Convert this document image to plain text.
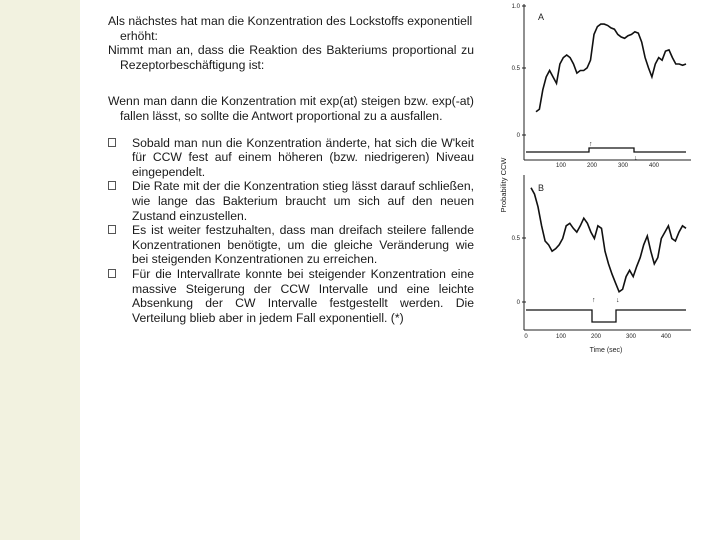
Als nächstes hat man die Konzentration des Lockstoffs exponentiell erhöht:

Nimmt man an, dass die Reaktion des Bakteriums proportional zu Rezeptorbeschäftigung ist:

Wenn man dann die Konzentration mit exp(at) steigen bzw. exp(-at) fallen lässt, so sollte die Antwort proportional zu a ausfallen.

Sobald man nun die Konzentration änderte, hat sich die W'keit für CCW fest auf einem höheren (bzw. niedrigeren) Niveau eingependelt.
Die Rate mit der die Konzentration stieg lässt darauf schließen, wie lange das Bakterium braucht um sich auf den neuen Zustand einzustellen.
Es ist weiter festzuhalten, dass man dreifach steilere fallende Konzentrationen benötigte, um die gleiche Veränderung wie bei steigenden Konzentrationen zu erreichen.
Für die Intervallrate konnte bei steigender Konzentration eine massive Steigerung der CCW Intervalle und eine leichte Absenkung der CW Intervalle festgestellt werden. Die Verteilung blieb aber in jedem Fall exponentiell. (*)
Probability CCW
A
1.0
0.5
0
↑
↓
100	200	300	400
B
0.5
0	↑	↓
0	100	200	300	400
Time (sec)
